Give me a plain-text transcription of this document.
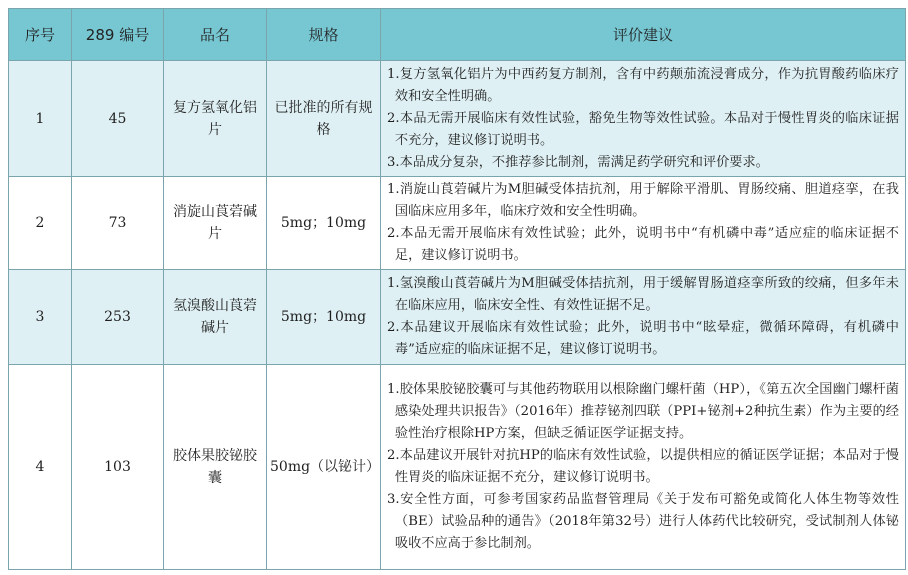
序号	289 编号	品名	规格	评价建议
1	45	复方氢氧化铝片	已批准的所有规格	1.复方氢氧化铝片为中西药复方制剂，含有中药颠茄流浸膏成分，作为抗胃酸药临床疗效和安全性明确。
2.本品无需开展临床有效性试验，豁免生物等效性试验。本品对于慢性胃炎的临床证据不充分，建议修订说明书。
3.本品成分复杂，不推荐参比制剂，需满足药学研究和评价要求。

2	73	消旋山莨菪碱片	5mg；10mg	1.消旋山莨菪碱片为M胆碱受体拮抗剂，用于解除平滑肌、胃肠绞痛、胆道痉挛，在我国临床应用多年，临床疗效和安全性明确。
2.本品无需开展临床有效性试验；此外，说明书中“有机磷中毒”适应症的临床证据不足，建议修订说明书。

3	253	氢溴酸山莨菪碱片	5mg；10mg	1.氢溴酸山莨菪碱片为M胆碱受体拮抗剂，用于缓解胃肠道痉挛所致的绞痛，但多年未在临床应用，临床安全性、有效性证据不足。
2.本品建议开展临床有效性试验；此外，说明书中“眩晕症，微循环障碍，有机磷中毒”适应症的临床证据不足，建议修订说明书。

4	103	胶体果胶铋胶囊	50mg（以铋计）	1.胶体果胶铋胶囊可与其他药物联用以根除幽门螺杆菌（HP），《第五次全国幽门螺杆菌感染处理共识报告》（2016年）推荐铋剂四联（PPI+铋剂+2种抗生素）作为主要的经验性治疗根除HP方案，但缺乏循证医学证据支持。
2.本品建议开展针对抗HP的临床有效性试验，以提供相应的循证医学证据；本品对于慢性胃炎的临床证据不充分，建议修订说明书。
3.安全性方面，可参考国家药品监督管理局《关于发布可豁免或简化人体生物等效性（BE）试验品种的通告》（2018年第32号）进行人体药代比较研究，受试制剂人体铋吸收不应高于参比制剂。
